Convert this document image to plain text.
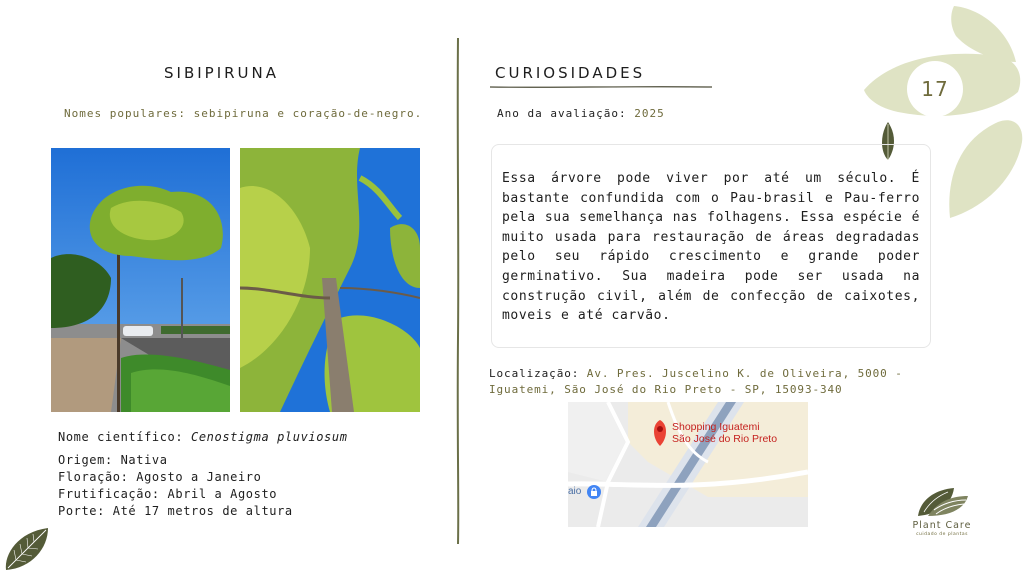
17
SIBIPIRUNA
Nomes populares: sebipiruna e coração-de-negro.
Nome científico: Cenostigma pluviosum
Origem: Nativa
Floração: Agosto a Janeiro
Frutificação: Abril a Agosto
Porte: Até 17 metros de altura
CURIOSIDADES
Ano da avaliação: 2025

Essa árvore pode viver por até um século. É bastante confundida com o Pau-brasil e Pau-ferro pela sua semelhança nas folhagens. Essa espécie é muito usada para restauração de áreas degradadas pelo seu rápido crescimento e grande poder germinativo. Sua madeira pode ser usada na construção civil, além de confecção de caixotes, moveis e até carvão.

Localização: Av. Pres. Juscelino K. de Oliveira, 5000 - Iguatemi, São José do Rio Preto - SP, 15093-340
Shopping Iguatemi
São José do Rio Preto
aio
Plant Care
cuidado de plantas
